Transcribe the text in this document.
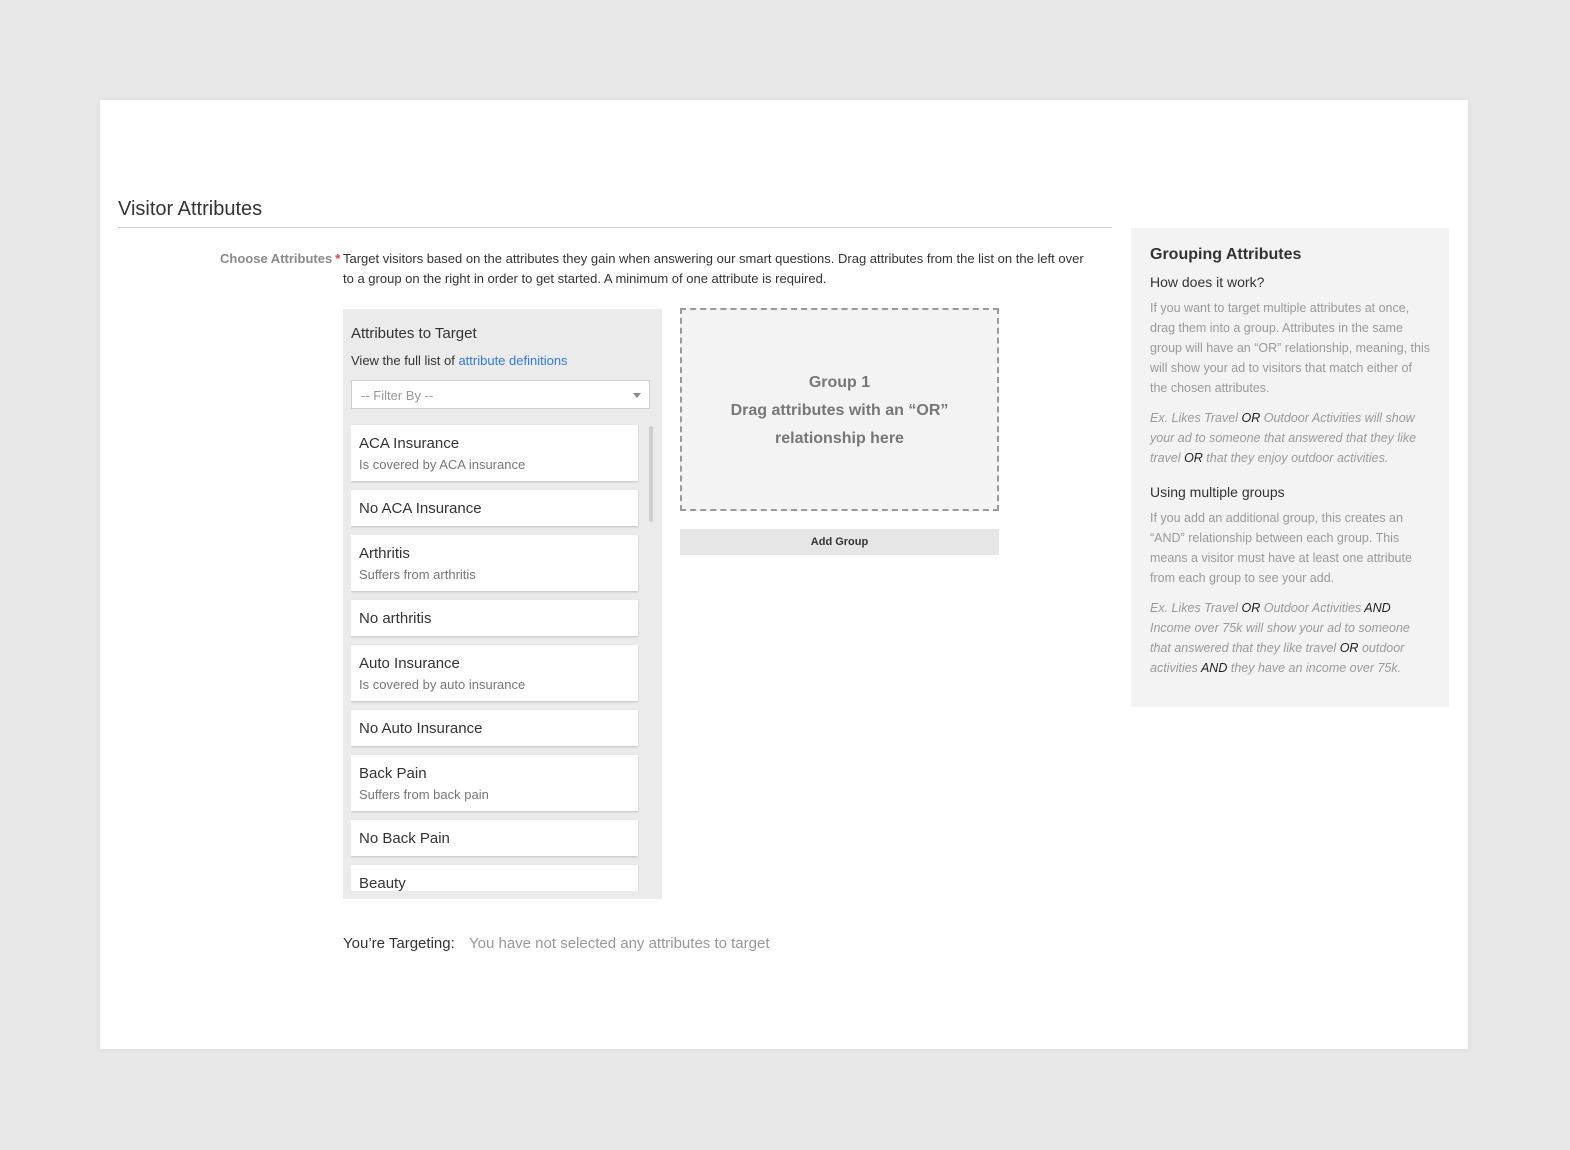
Visitor Attributes
Choose Attributes * Target visitors based on the attributes they gain when answering our smart questions. Drag attributes from the list on the left over to a group on the right in order to get started. A minimum of one attribute is required.
Attributes to Target
View the full list of attribute definitions
-- Filter By --
ACA Insurance
Is covered by ACA insurance
No ACA Insurance
Arthritis
Suffers from arthritis
No arthritis
Auto Insurance
Is covered by auto insurance
No Auto Insurance
Back Pain
Suffers from back pain
No Back Pain
Beauty
Group 1
Drag attributes with an “OR”
relationship here
Add Group
You’re Targeting: You have not selected any attributes to target
Grouping Attributes
How does it work?

If you want to target multiple attributes at once, drag them into a group. Attributes in the same group will have an “OR” relationship, meaning, this will show your ad to visitors that match either of the chosen attributes.

Ex. Likes Travel OR Outdoor Activities will show your ad to someone that answered that they like travel OR that they enjoy outdoor activities.

Using multiple groups

If you add an additional group, this creates an “AND” relationship between each group. This means a visitor must have at least one attribute from each group to see your add.

Ex. Likes Travel OR Outdoor Activities AND Income over 75k will show your ad to someone that answered that they like travel OR outdoor activities AND they have an income over 75k.
